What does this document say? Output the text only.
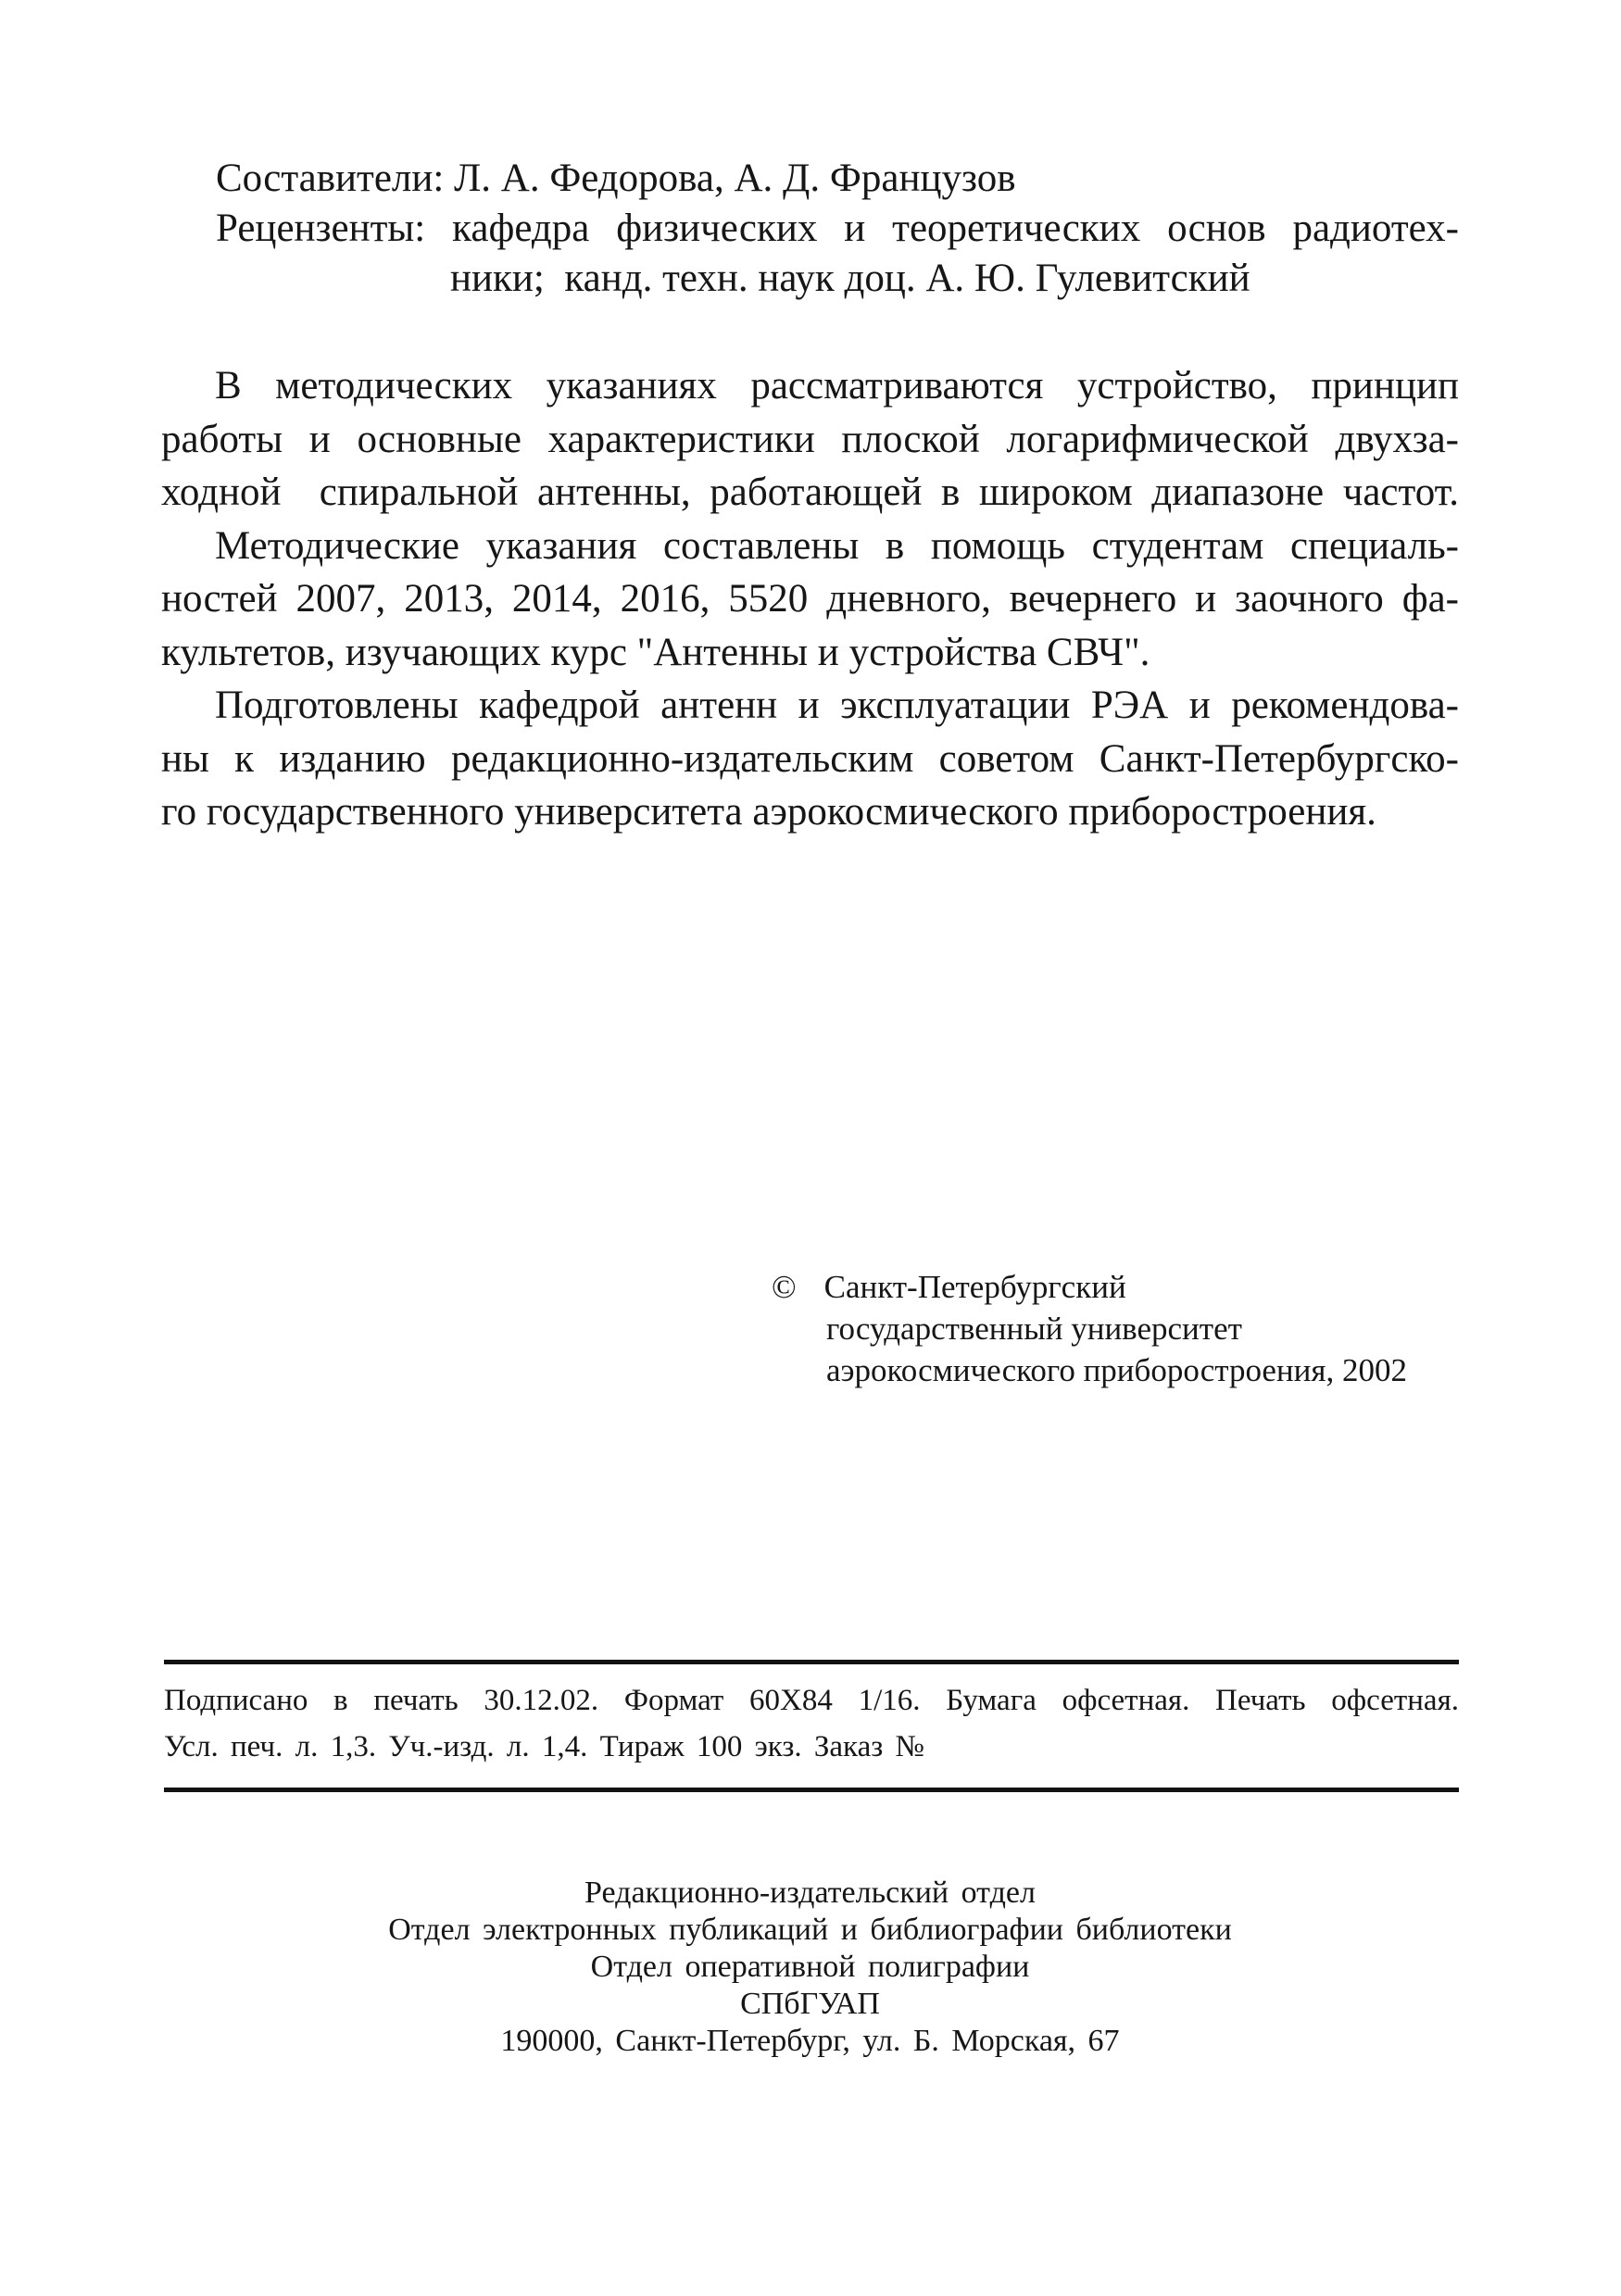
Составители: Л. А. Федорова, А. Д. Французов
Рецензенты: кафедра физических и теоретических основ радиотех-
ники;  канд. техн. наук доц. А. Ю. Гулевитский
В методических указаниях рассматриваются устройство, принцип
работы и основные характеристики плоской логарифмической двухза-
ходной  спиральной антенны, работающей в широком диапазоне частот.
Методические указания составлены в помощь студентам специаль-
ностей 2007, 2013, 2014, 2016, 5520 дневного, вечернего и заочного фа-
культетов, изучающих курс "Антенны и устройства СВЧ".
Подготовлены кафедрой антенн и эксплуатации РЭА и рекомендова-
ны к изданию редакционно-издательским советом Санкт-Петербургско-
го государственного университета аэрокосмического приборостроения.
© Санкт-Петербургский
государственный университет
аэрокосмического приборостроения, 2002
Подписано в печать 30.12.02. Формат 60Х84 1/16. Бумага офсетная. Печать офсетная.
Усл. печ. л. 1,3. Уч.-изд. л. 1,4. Тираж 100 экз. Заказ №
Редакционно-издательский отдел
Отдел электронных публикаций и библиографии библиотеки
Отдел оперативной полиграфии
СПбГУАП
190000, Санкт-Петербург, ул. Б. Морская, 67
